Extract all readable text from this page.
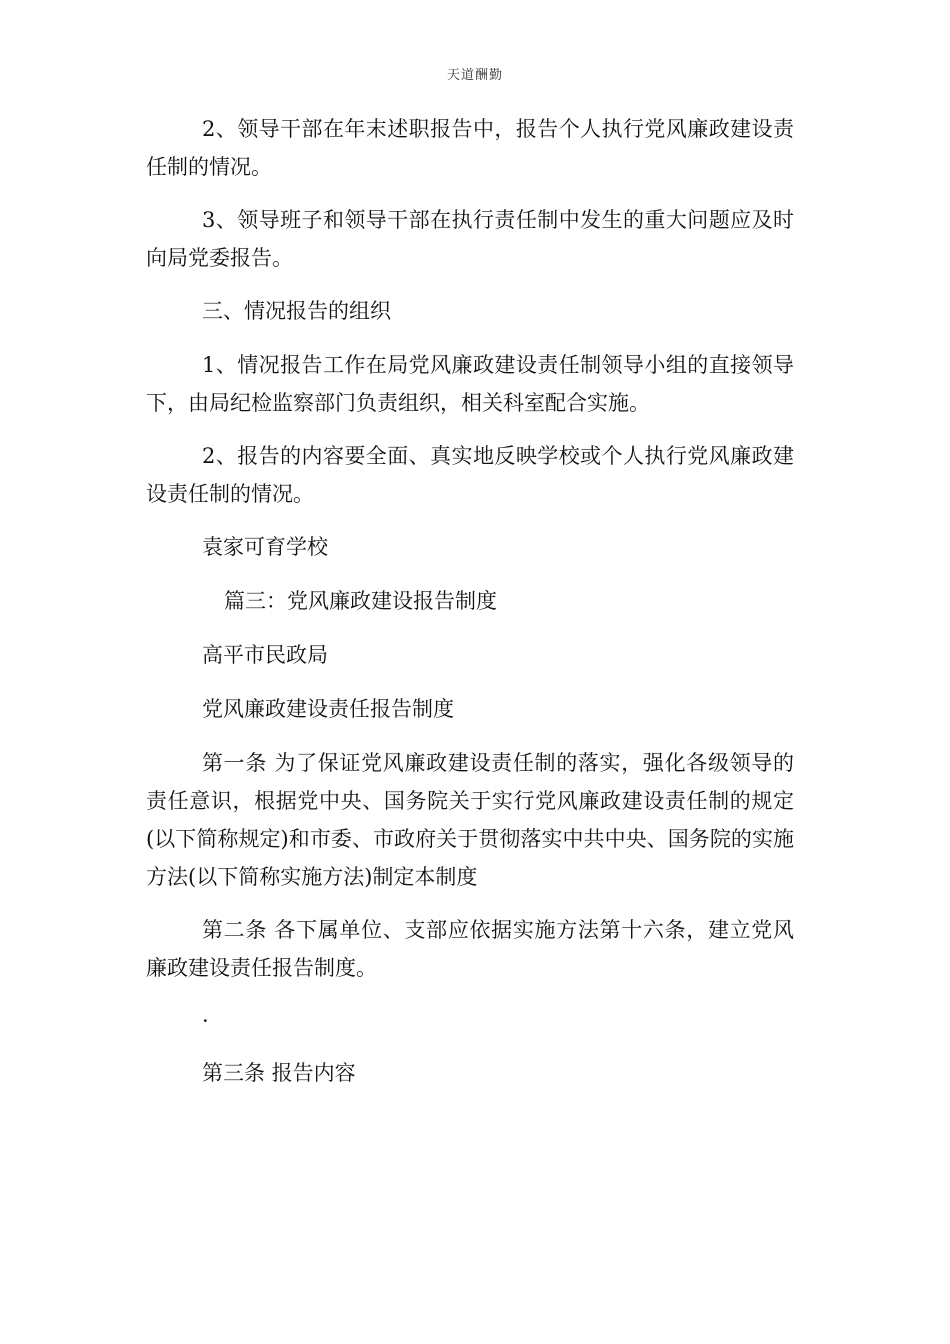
天道酬勤

2、领导干部在年末述职报告中，报告个人执行党风廉政建设责任制的情况。

3、领导班子和领导干部在执行责任制中发生的重大问题应及时向局党委报告。

三、情况报告的组织

1、情况报告工作在局党风廉政建设责任制领导小组的直接领导下，由局纪检监察部门负责组织，相关科室配合实施。

2、报告的内容要全面、真实地反映学校或个人执行党风廉政建设责任制的情况。

袁家可育学校

篇三：党风廉政建设报告制度

高平市民政局

党风廉政建设责任报告制度

第一条 为了保证党风廉政建设责任制的落实，强化各级领导的责任意识，根据党中央、国务院关于实行党风廉政建设责任制的规定(以下简称规定)和市委、市政府关于贯彻落实中共中央、国务院的实施方法(以下简称实施方法)制定本制度

第二条 各下属单位、支部应依据实施方法第十六条，建立党风廉政建设责任报告制度。

·

第三条 报告内容
